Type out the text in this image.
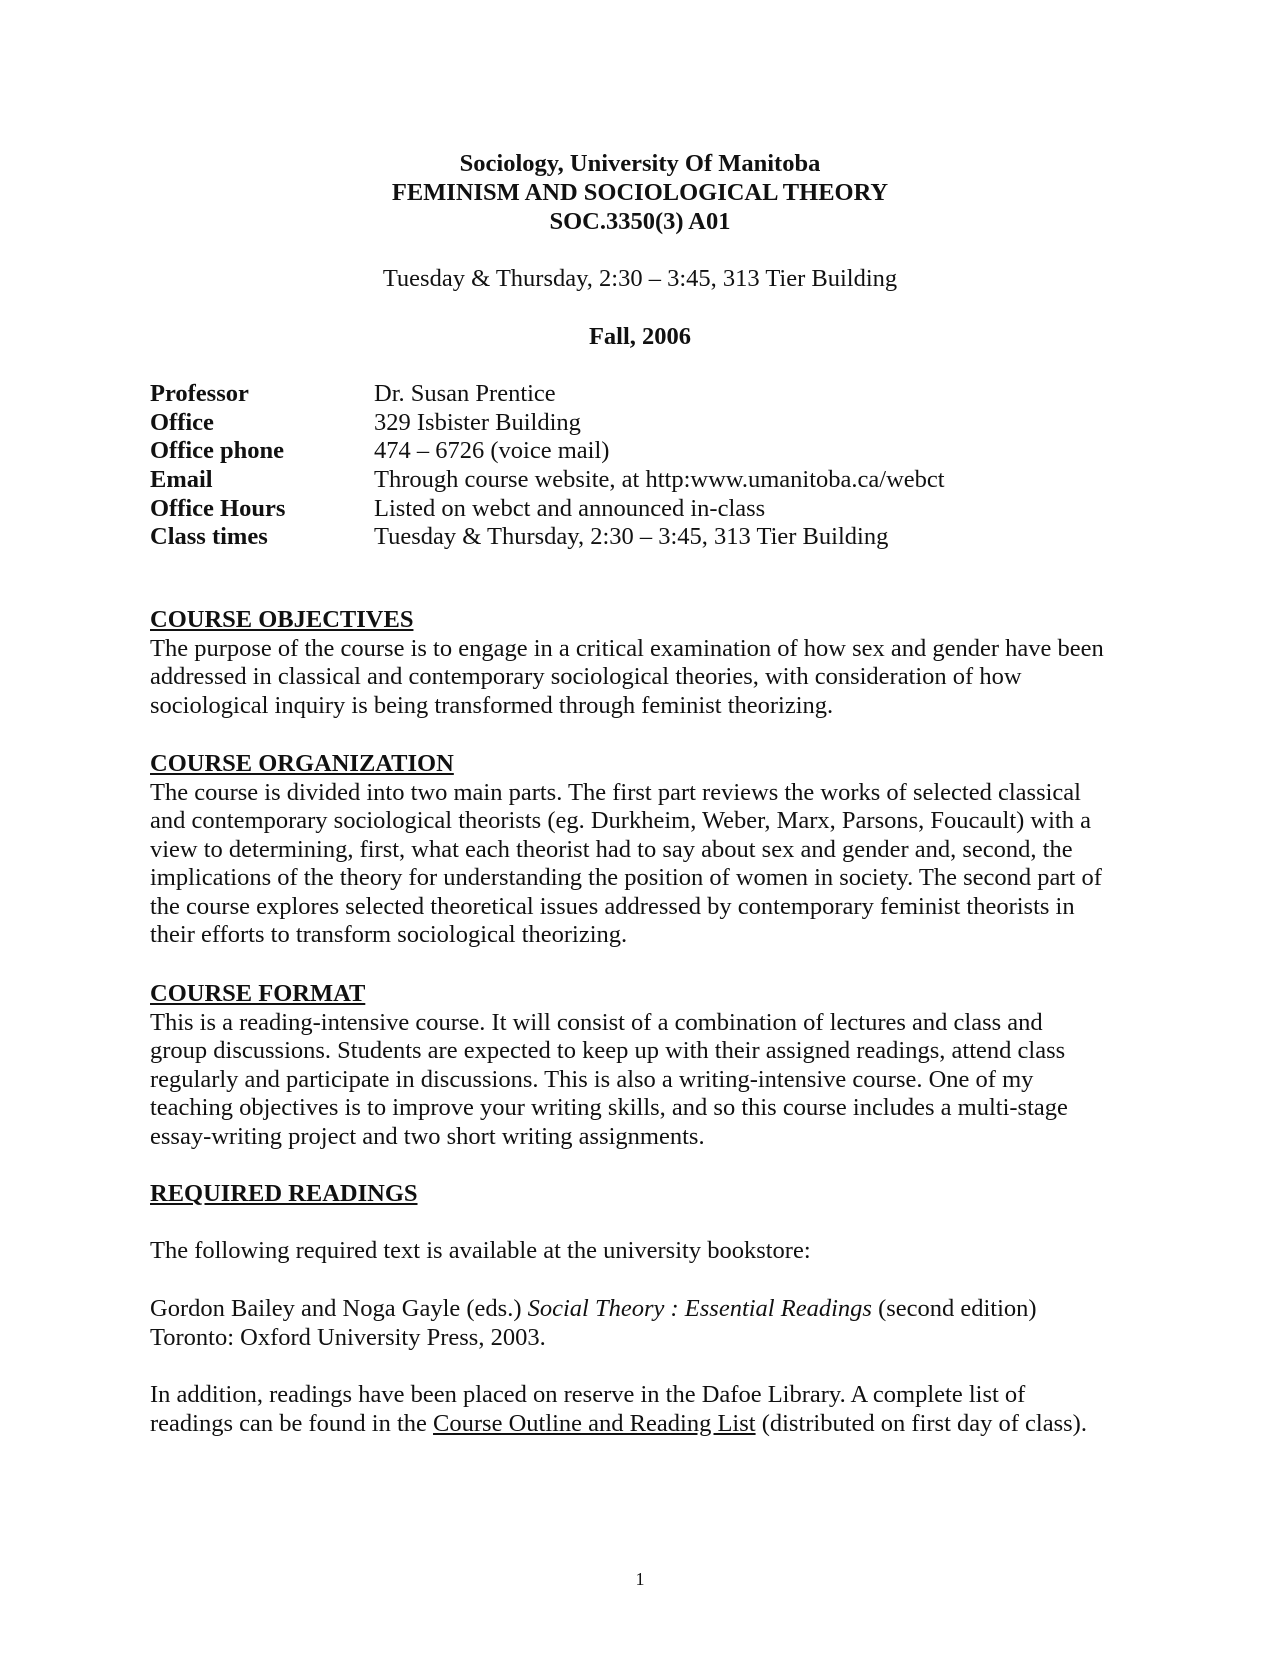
Sociology, University Of Manitoba
FEMINISM AND SOCIOLOGICAL THEORY
SOC.3350(3) A01
Tuesday & Thursday, 2:30 – 3:45, 313 Tier Building
Fall, 2006
Professor	Dr. Susan Prentice
Office	329 Isbister Building
Office phone	474 – 6726 (voice mail)
Email	Through course website, at http:www.umanitoba.ca/webct
Office Hours	Listed on webct and announced in-class
Class times	Tuesday & Thursday, 2:30 – 3:45, 313 Tier Building
COURSE OBJECTIVES

The purpose of the course is to engage in a critical examination of how sex and gender have been
addressed in classical and contemporary sociological theories, with consideration of how
sociological inquiry is being transformed through feminist theorizing.

COURSE ORGANIZATION

The course is divided into two main parts. The first part reviews the works of selected classical
and contemporary sociological theorists (eg. Durkheim, Weber, Marx, Parsons, Foucault) with a
view to determining, first, what each theorist had to say about sex and gender and, second, the
implications of the theory for understanding the position of women in society. The second part of
the course explores selected theoretical issues addressed by contemporary feminist theorists in
their efforts to transform sociological theorizing.

COURSE FORMAT

This is a reading-intensive course. It will consist of a combination of lectures and class and
group discussions. Students are expected to keep up with their assigned readings, attend class
regularly and participate in discussions. This is also a writing-intensive course. One of my
teaching objectives is to improve your writing skills, and so this course includes a multi-stage
essay-writing project and two short writing assignments.

REQUIRED READINGS
The following required text is available at the university bookstore:
Gordon Bailey and Noga Gayle (eds.) Social Theory : Essential Readings (second edition)
Toronto: Oxford University Press, 2003.
In addition, readings have been placed on reserve in the Dafoe Library. A complete list of
readings can be found in the Course Outline and Reading List (distributed on first day of class).
1
